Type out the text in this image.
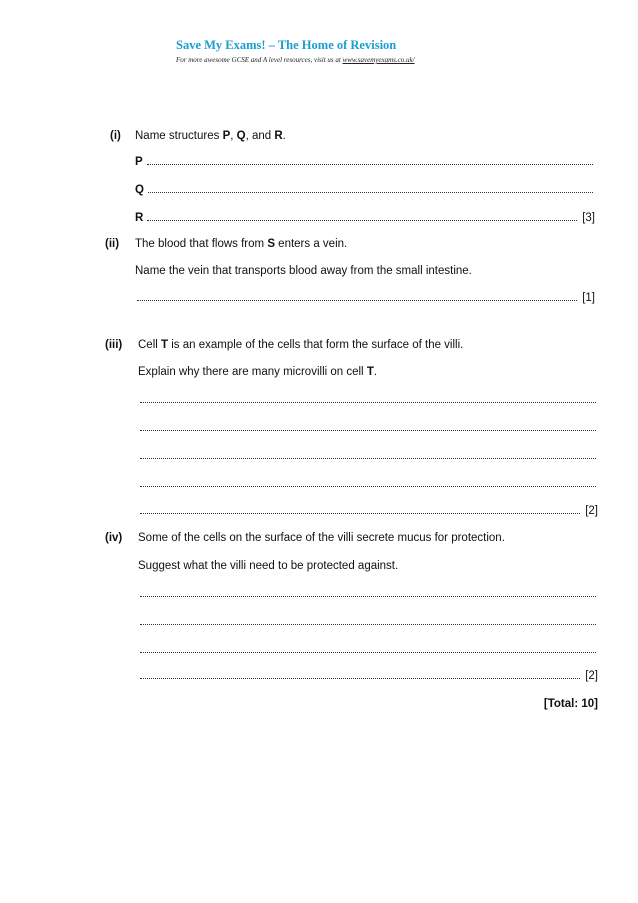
Save My Exams! – The Home of Revision
For more awesome GCSE and A level resources, visit us at www.savemyexams.co.uk/
(i) Name structures P, Q, and R.
P
Q
R	[3]
(ii) The blood that flows from S enters a vein.
Name the vein that transports blood away from the small intestine.
[1]
(iii) Cell T is an example of the cells that form the surface of the villi.
Explain why there are many microvilli on cell T.
[2]
(iv) Some of the cells on the surface of the villi secrete mucus for protection.
Suggest what the villi need to be protected against.
[2]
[Total: 10]
